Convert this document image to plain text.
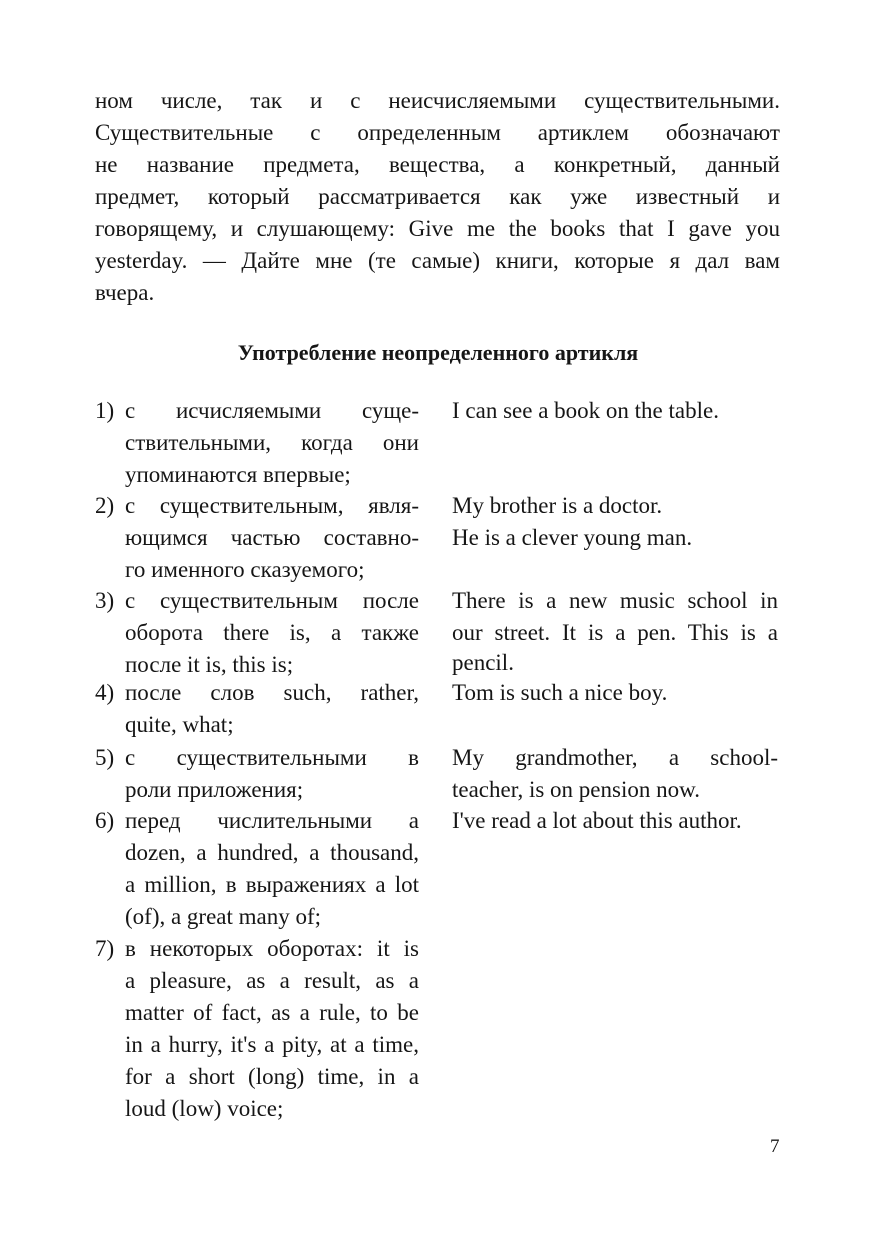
Употребление неопределенного артикля
7
ном числе, так и с неисчисляемыми существительными.
Существительные с определенным артиклем обозначают
не название предмета, вещества, а конкретный, данный
предмет, который рассматривается как уже известный и
говорящему, и слушающему: Give me the books that I gave you
yesterday. — Дайте мне (те самые) книги, которые я дал вам
вчера.
1) с исчисляемыми суще-
ствительными, когда они
упоминаются впервые;
2) с существительным, явля-
ющимся частью составно-
го именного сказуемого;
3) с существительным после
оборота there is, а также
после it is, this is;
4) после слов such, rather,
quite, what;
5) с существительными в
роли приложения;
6) перед числительными a
dozen, a hundred, a thousand,
a million, в выражениях a lot
(of), a great many of;
7) в некоторых оборотах: it is
a pleasure, as a result, as a
matter of fact, as a rule, to be
in a hurry, it's a pity, at a time,
for a short (long) time, in a
loud (low) voice;
I can see a book on the table.
My brother is a doctor.
He is a clever young man.
There is a new music school in
our street. It is a pen. This is a
pencil.
Tom is such a nice boy.
My grandmother, a school-
teacher, is on pension now.
I've read a lot about this author.
